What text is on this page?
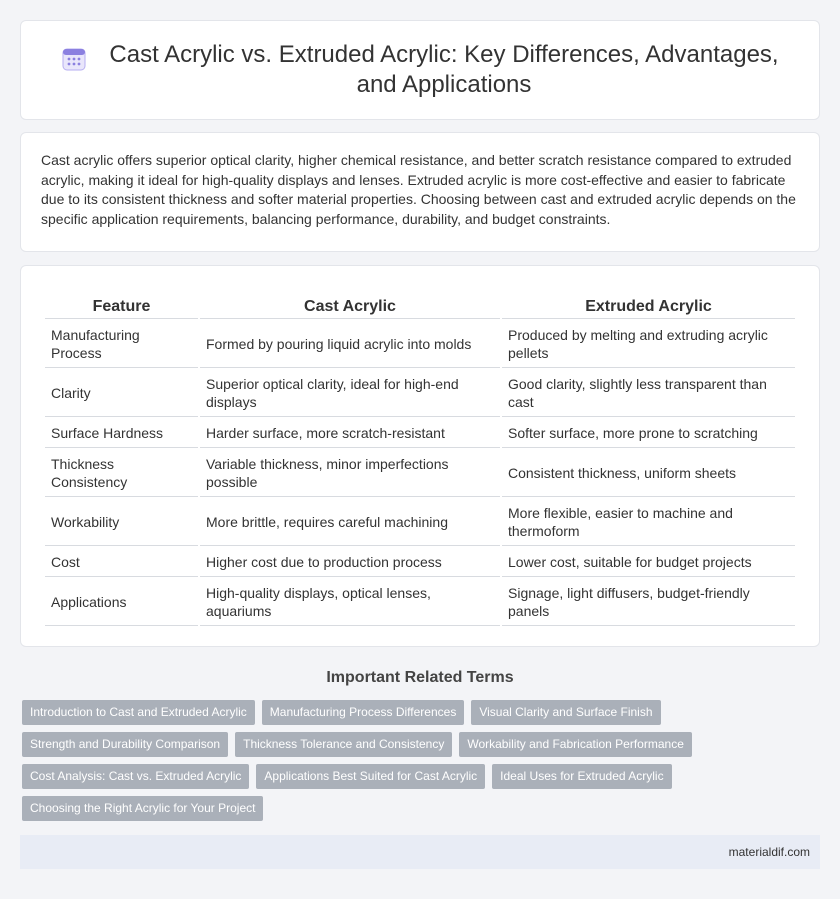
Cast Acrylic vs. Extruded Acrylic: Key Differences, Advantages, and Applications

Cast acrylic offers superior optical clarity, higher chemical resistance, and better scratch resistance compared to extruded acrylic, making it ideal for high-quality displays and lenses. Extruded acrylic is more cost-effective and easier to fabricate due to its consistent thickness and softer material properties. Choosing between cast and extruded acrylic depends on the specific application requirements, balancing performance, durability, and budget constraints.

Feature	Cast Acrylic	Extruded Acrylic
Manufacturing Process	Formed by pouring liquid acrylic into molds	Produced by melting and extruding acrylic pellets
Clarity	Superior optical clarity, ideal for high-end displays	Good clarity, slightly less transparent than cast
Surface Hardness	Harder surface, more scratch-resistant	Softer surface, more prone to scratching
Thickness Consistency	Variable thickness, minor imperfections possible	Consistent thickness, uniform sheets
Workability	More brittle, requires careful machining	More flexible, easier to machine and thermoform
Cost	Higher cost due to production process	Lower cost, suitable for budget projects
Applications	High-quality displays, optical lenses, aquariums	Signage, light diffusers, budget-friendly panels
Important Related Terms
Introduction to Cast and Extruded Acrylic	Manufacturing Process Differences	Visual Clarity and Surface Finish
Strength and Durability Comparison	Thickness Tolerance and Consistency	Workability and Fabrication Performance
Cost Analysis: Cast vs. Extruded Acrylic	Applications Best Suited for Cast Acrylic	Ideal Uses for Extruded Acrylic
Choosing the Right Acrylic for Your Project
materialdif.com
